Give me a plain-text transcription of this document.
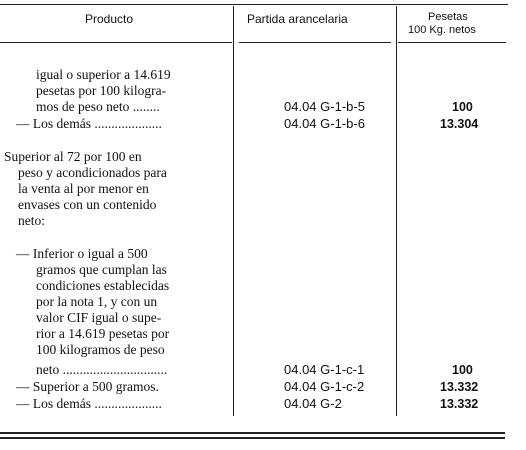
Producto	Partida arancelaria	Pesetas
100 Kg. netos
igual o superior a 14.619
pesetas por 100 kilogra-
mos de peso neto ........	04.04 G-1-b-5	100
— Los demás ....................	04.04 G-1-b-6	13.304
Superior al 72 por 100 en
peso y acondicionados para
la venta al por menor en
envases con un contenido
neto:
— Inferior o igual a 500
gramos que cumplan las
condiciones establecidas
por la nota 1, y con un
valor CIF igual o supe-
rior a 14.619 pesetas por
100 kilogramos de peso
neto ...............................	04.04 G-1-c-1	100
— Superior a 500 gramos.	04.04 G-1-c-2	13.332
— Los demás ....................	04.04 G-2	13.332
